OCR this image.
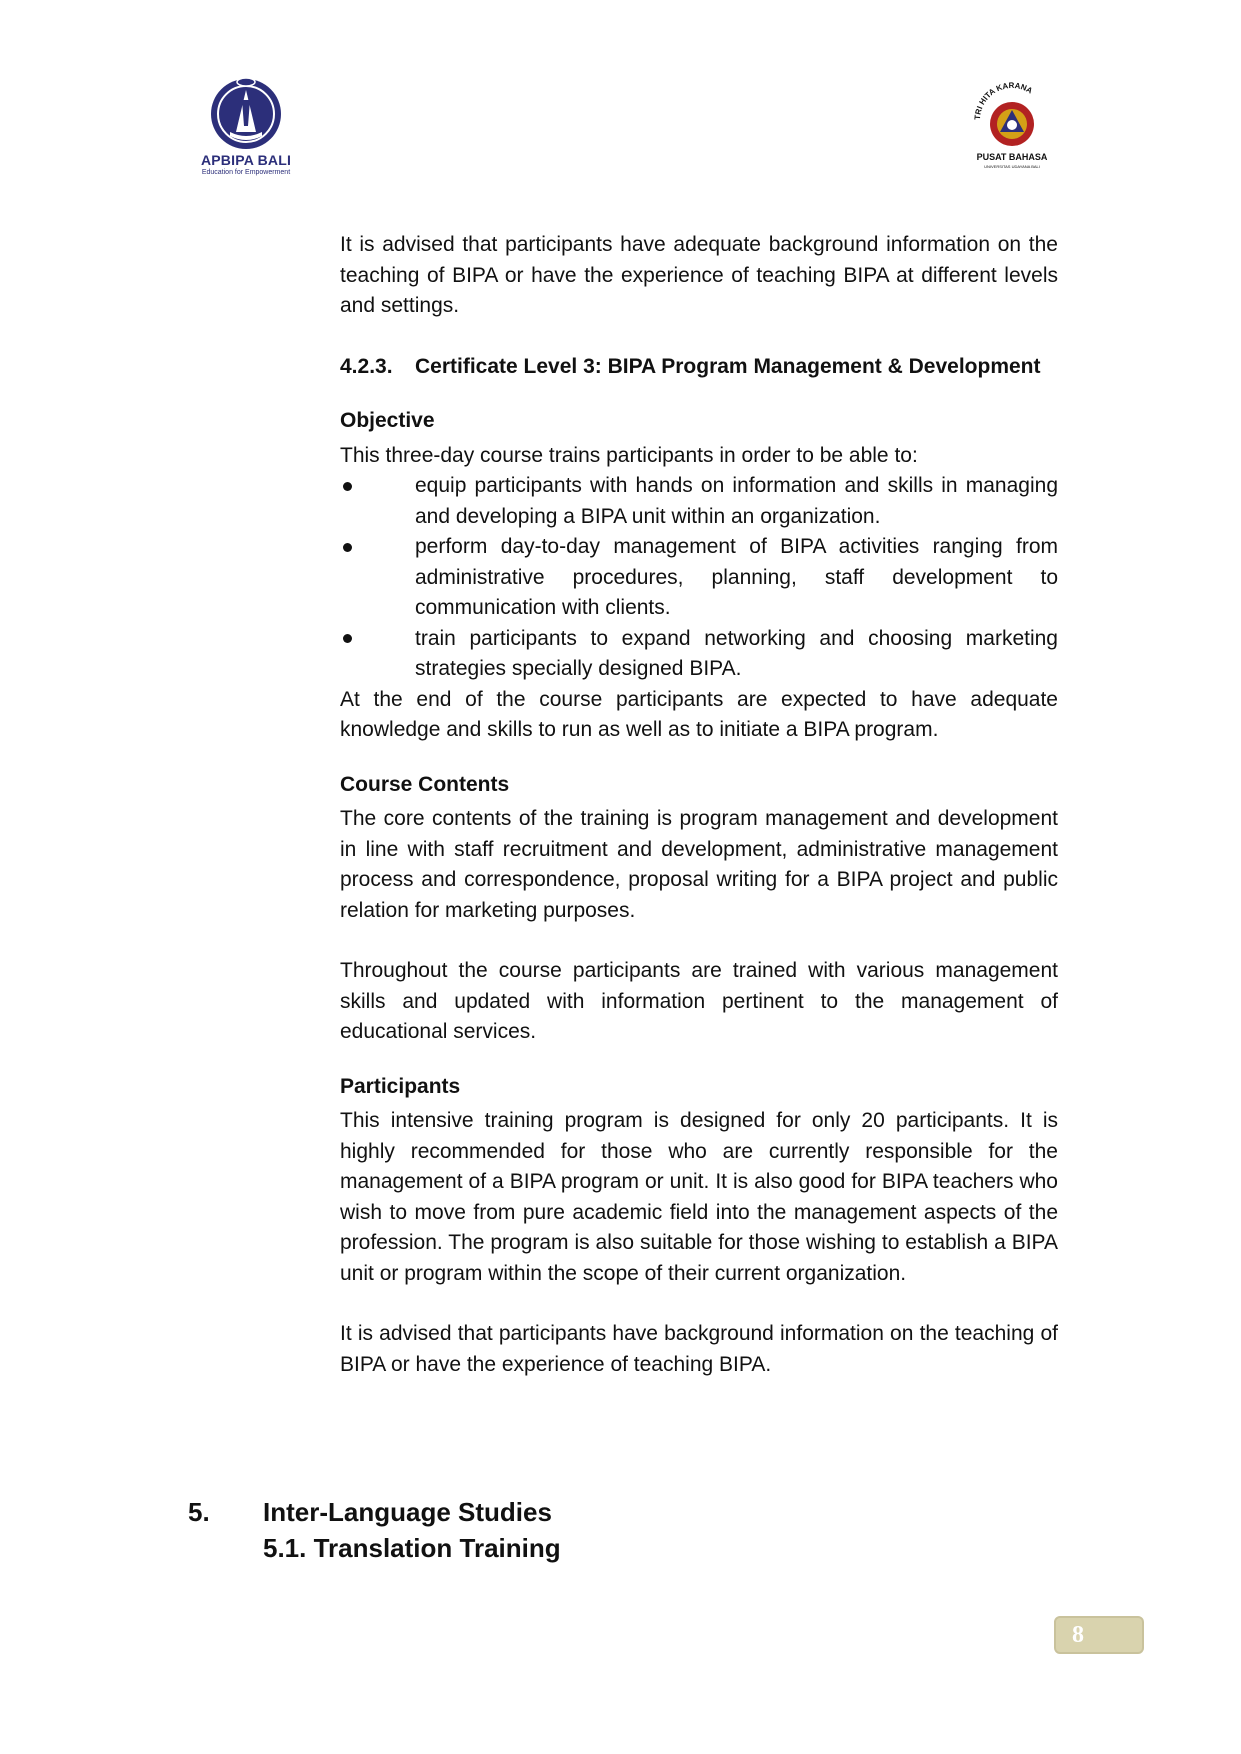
APBIPA BALI
Education for Empowerment
TRI HITA KARANA
PUSAT BAHASA
UNIVERSITAS UDAYANA BALI

It is advised that participants have adequate background information on the teaching of BIPA or have the experience of teaching BIPA at different levels and settings.

4.2.3.	Certificate Level 3: BIPA Program Management & Development
Objective

This three-day course trains participants in order to be able to:

equip participants with hands on information and skills in managing and developing a BIPA unit within an organization.
perform day-to-day management of BIPA activities ranging from administrative procedures, planning, staff development to communication with clients.
train participants to expand networking and choosing marketing strategies specially designed BIPA.

At the end of the course participants are expected to have adequate knowledge and skills to run as well as to initiate a BIPA program.

Course Contents

The core contents of the training is program management and development in line with staff recruitment and development, administrative management process and correspondence, proposal writing for a BIPA project and public relation for marketing purposes.

Throughout the course participants are trained with various management skills and updated with information pertinent to the management of educational services.

Participants

This intensive training program is designed for only 20 participants. It is highly recommended for those who are currently responsible for the management of a BIPA program or unit. It is also good for BIPA teachers who wish to move from pure academic field into the management aspects of the profession. The program is also suitable for those wishing to establish a BIPA unit or program within the scope of their current organization.

It is advised that participants have background information on the teaching of BIPA or have the experience of teaching BIPA.

5. Inter-Language Studies
5.1. Translation Training
8
